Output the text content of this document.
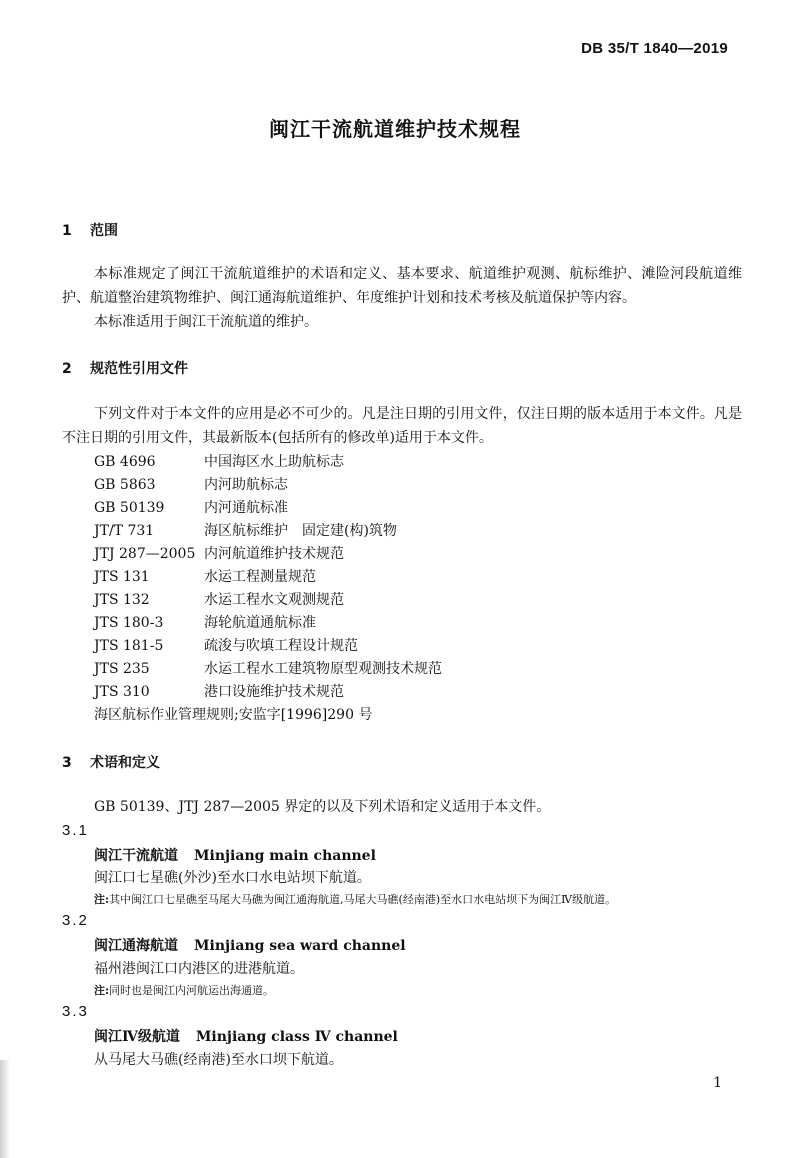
DB 35/T 1840—2019
闽江干流航道维护技术规程
1 范围
本标准规定了闽江干流航道维护的术语和定义、基本要求、航道维护观测、航标维护、滩险河段航道维护、航道整治建筑物维护、闽江通海航道维护、年度维护计划和技术考核及航道保护等内容。
本标准适用于闽江干流航道的维护。
2 规范性引用文件
下列文件对于本文件的应用是必不可少的。凡是注日期的引用文件，仅注日期的版本适用于本文件。凡是不注日期的引用文件，其最新版本(包括所有的修改单)适用于本文件。
GB 4696	中国海区水上助航标志
GB 5863	内河助航标志
GB 50139	内河通航标准
JT/T 731	海区航标维护　固定建(构)筑物
JTJ 287—2005 内河航道维护技术规范
JTS 131	水运工程测量规范
JTS 132	水运工程水文观测规范
JTS 180-3	海轮航道通航标准
JTS 181-5	疏浚与吹填工程设计规范
JTS 235	水运工程水工建筑物原型观测技术规范
JTS 310	港口设施维护技术规范
海区航标作业管理规则;安监字[1996]290 号
3 术语和定义
GB 50139、JTJ 287—2005 界定的以及下列术语和定义适用于本文件。
3.1
闽江干流航道 Minjiang main channel
闽江口七星礁(外沙)至水口水电站坝下航道。
注:其中闽江口七星礁至马尾大马礁为闽江通海航道,马尾大马礁(经南港)至水口水电站坝下为闽江Ⅳ级航道。
3.2
闽江通海航道 Minjiang sea ward channel
福州港闽江口内港区的进港航道。
注:同时也是闽江内河航运出海通道。
3.3
闽江Ⅳ级航道 Minjiang class Ⅳ channel
从马尾大马礁(经南港)至水口坝下航道。
1
